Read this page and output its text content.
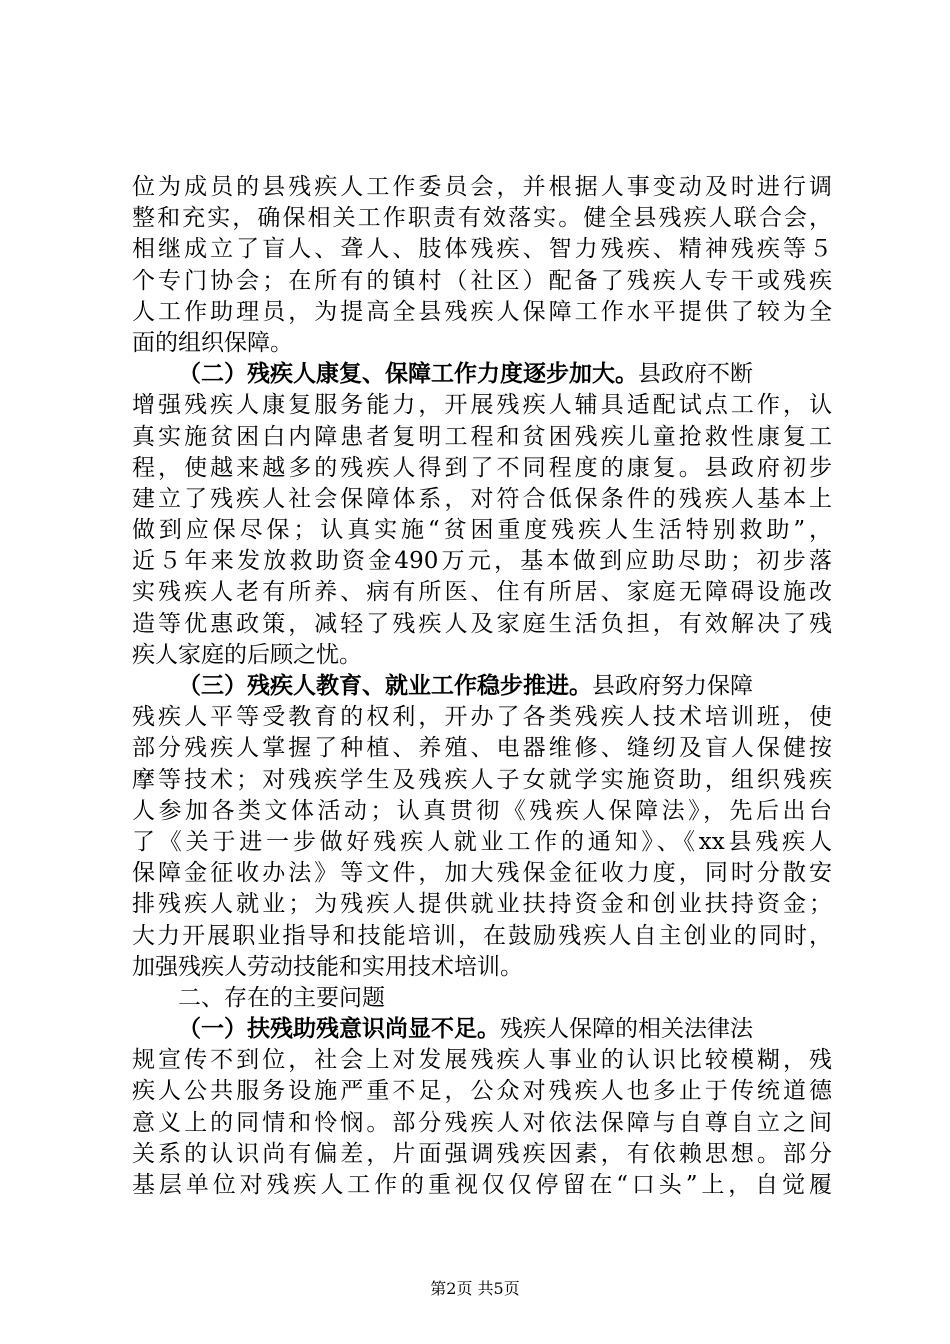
位为成员的县残疾人工作委员会，并根据人事变动及时进行调
整和充实，确保相关工作职责有效落实。健全县残疾人联合会，
相继成立了盲人、聋人、肢体残疾、智力残疾、精神残疾等５
个专门协会；在所有的镇村（社区）配备了残疾人专干或残疾
人工作助理员，为提高全县残疾人保障工作水平提供了较为全
面的组织保障。
（二）残疾人康复、保障工作力度逐步加大。县政府不断
增强残疾人康复服务能力，开展残疾人辅具适配试点工作，认
真实施贫困白内障患者复明工程和贫困残疾儿童抢救性康复工
程，使越来越多的残疾人得到了不同程度的康复。县政府初步
建立了残疾人社会保障体系，对符合低保条件的残疾人基本上
做到应保尽保；认真实施“贫困重度残疾人生活特别救助”，
近５年来发放救助资金490万元，基本做到应助尽助；初步落
实残疾人老有所养、病有所医、住有所居、家庭无障碍设施改
造等优惠政策，减轻了残疾人及家庭生活负担，有效解决了残
疾人家庭的后顾之忧。
（三）残疾人教育、就业工作稳步推进。县政府努力保障
残疾人平等受教育的权利，开办了各类残疾人技术培训班，使
部分残疾人掌握了种植、养殖、电器维修、缝纫及盲人保健按
摩等技术；对残疾学生及残疾人子女就学实施资助，组织残疾
人参加各类文体活动；认真贯彻《残疾人保障法》，先后出台
了《关于进一步做好残疾人就业工作的通知》、《xx县残疾人
保障金征收办法》等文件，加大残保金征收力度，同时分散安
排残疾人就业；为残疾人提供就业扶持资金和创业扶持资金；
大力开展职业指导和技能培训，在鼓励残疾人自主创业的同时，
加强残疾人劳动技能和实用技术培训。
二、存在的主要问题
（一）扶残助残意识尚显不足。残疾人保障的相关法律法
规宣传不到位，社会上对发展残疾人事业的认识比较模糊，残
疾人公共服务设施严重不足，公众对残疾人也多止于传统道德
意义上的同情和怜悯。部分残疾人对依法保障与自尊自立之间
关系的认识尚有偏差，片面强调残疾因素，有依赖思想。部分
基层单位对残疾人工作的重视仅仅停留在“口头”上，自觉履
第2页 共5页
